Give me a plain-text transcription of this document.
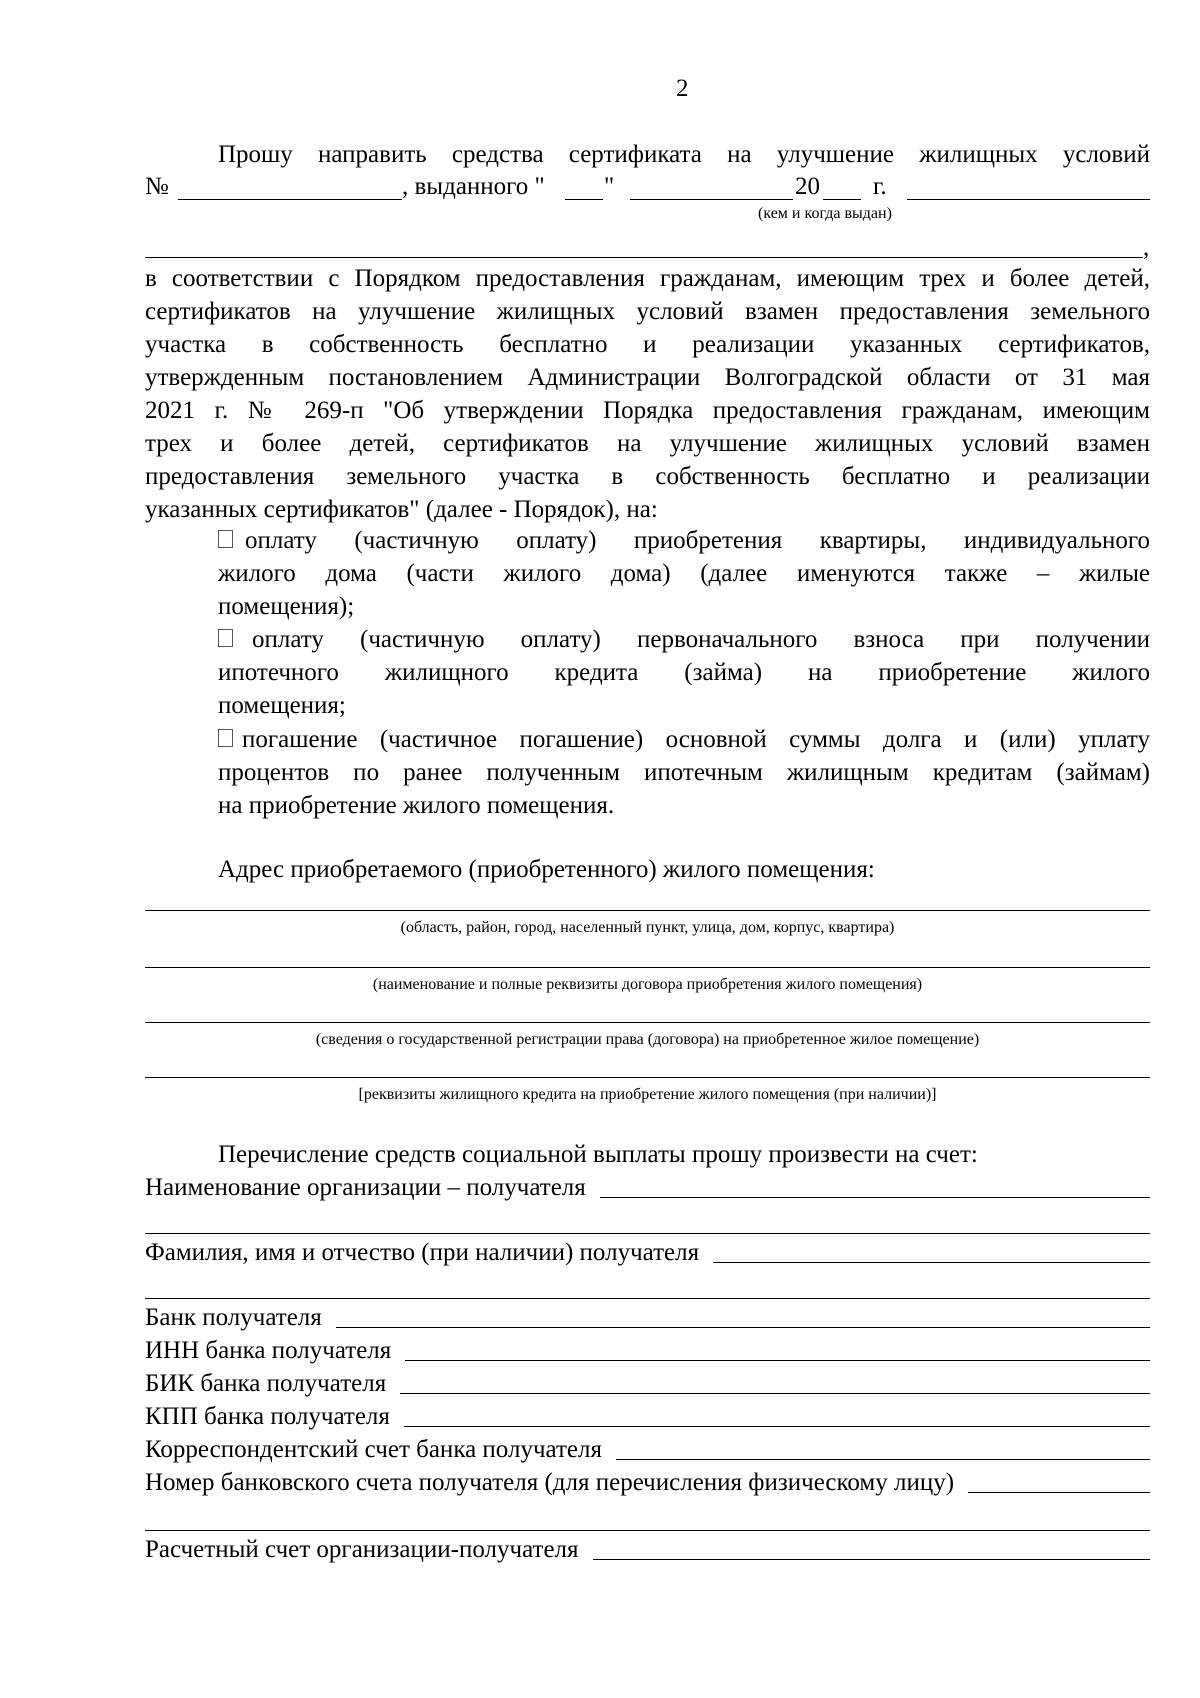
2
Прошу направить средства сертификата на улучшение жилищных условий
№	, выданного " "	20 г.
(кем и когда выдан)
,
в соответствии с Порядком предоставления гражданам, имеющим трех и более детей,
сертификатов на улучшение жилищных условий взамен предоставления земельного
участка в собственность бесплатно и реализации указанных сертификатов,
утвержденным постановлением Администрации Волгоградской области от 31 мая
2021 г. № 269-п "Об утверждении Порядка предоставления гражданам, имеющим
трех и более детей, сертификатов на улучшение жилищных условий взамен
предоставления земельного участка в собственность бесплатно и реализации
указанных сертификатов" (далее - Порядок), на:
оплату (частичную оплату) приобретения квартиры, индивидуального
жилого дома (части жилого дома) (далее именуются также – жилые
помещения);
оплату (частичную оплату) первоначального взноса при получении
ипотечного жилищного кредита (займа) на приобретение жилого
помещения;
погашение (частичное погашение) основной суммы долга и (или) уплату
процентов по ранее полученным ипотечным жилищным кредитам (займам)
на приобретение жилого помещения.
Адрес приобретаемого (приобретенного) жилого помещения:
(область, район, город, населенный пункт, улица, дом, корпус, квартира)
(наименование и полные реквизиты договора приобретения жилого помещения)
(сведения о государственной регистрации права (договора) на приобретенное жилое помещение)
[реквизиты жилищного кредита на приобретение жилого помещения (при наличии)]
Перечисление средств социальной выплаты прошу произвести на счет:
Наименование организации – получателя
Фамилия, имя и отчество (при наличии) получателя
Банк получателя
ИНН банка получателя
БИК банка получателя
КПП банка получателя
Корреспондентский счет банка получателя
Номер банковского счета получателя (для перечисления физическому лицу)
Расчетный счет организации-получателя
